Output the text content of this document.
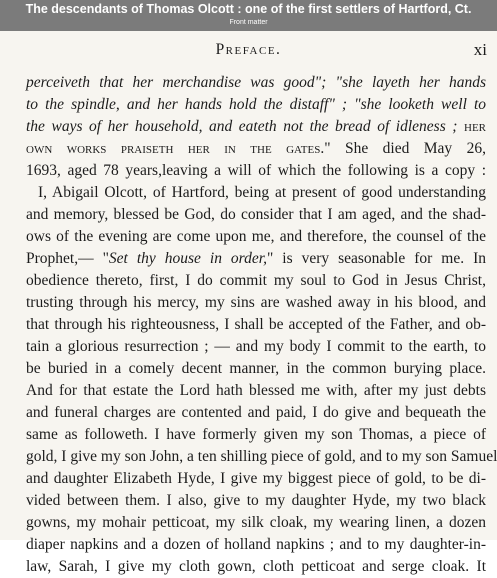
The descendants of Thomas Olcott : one of the first settlers of Hartford, Ct.
Front matter
Preface.	xi
perceiveth that her merchandise was good"; "she layeth her hands
to the spindle, and her hands hold the distaff" ; "she looketh well to
the ways of her household, and eateth not the bread of idleness ; her
own works praiseth her in the gates." She died May 26,
1693, aged 78 years,leaving a will of which the following is a copy :
I, Abigail Olcott, of Hartford, being at present of good understanding
and memory, blessed be God, do consider that I am aged, and the shad-
ows of the evening are come upon me, and therefore, the counsel of the
Prophet,— "Set thy house in order," is very seasonable for me. In
obedience thereto, first, I do commit my soul to God in Jesus Christ,
trusting through his mercy, my sins are washed away in his blood, and
that through his righteousness, I shall be accepted of the Father, and ob-
tain a glorious resurrection ; — and my body I commit to the earth, to
be buried in a comely decent manner, in the common burying place.
And for that estate the Lord hath blessed me with, after my just debts
and funeral charges are contented and paid, I do give and bequeath the
same as followeth. I have formerly given my son Thomas, a piece of
gold, I give my son John, a ten shilling piece of gold, and to my son Samuel
and daughter Elizabeth Hyde, I give my biggest piece of gold, to be di-
vided between them. I also, give to my daughter Hyde, my two black
gowns, my mohair petticoat, my silk cloak, my wearing linen, a dozen
diaper napkins and a dozen of holland napkins ; and to my daughter-in-
law, Sarah, I give my cloth gown, cloth petticoat and serge cloak. It
